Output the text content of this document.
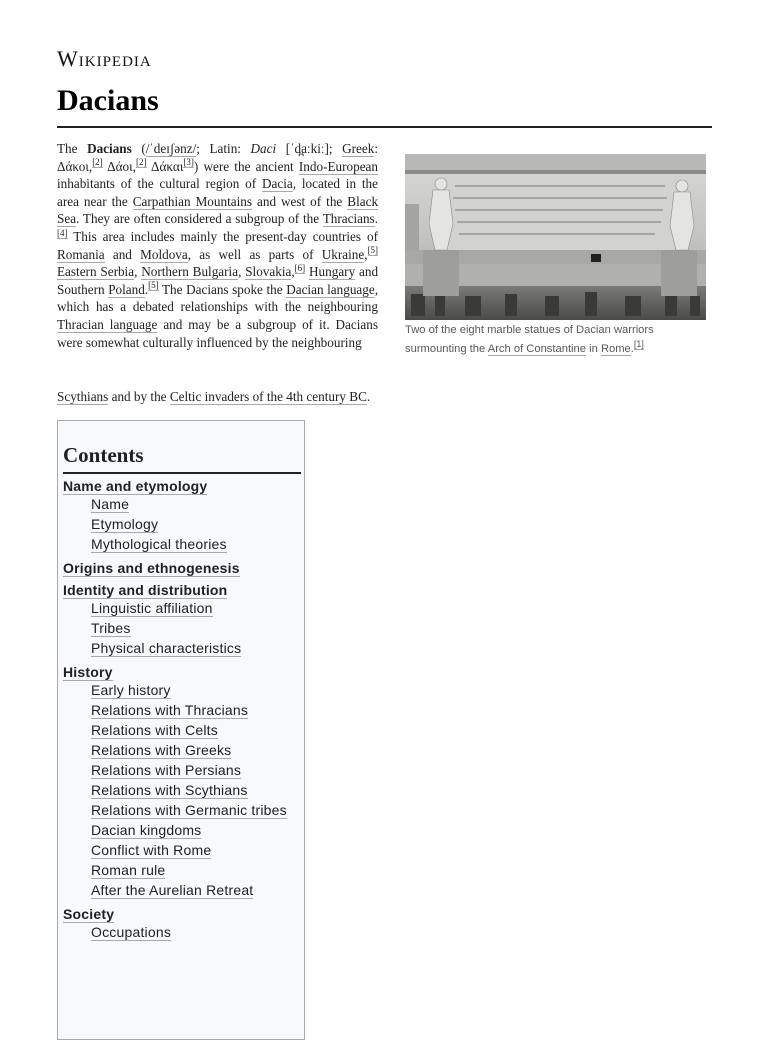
Wikipedia
Dacians
The Dacians (/ˈdeɪʃənz/; Latin: Daci [ˈd̪aːkiː]; Greek: Δάκοι,[2] Δάοι,[2] Δάκαι[3]) were the ancient Indo-European inhabitants of the cultural region of Dacia, located in the area near the Carpathian Mountains and west of the Black Sea. They are often considered a subgroup of the Thracians.[4] This area includes mainly the present-day countries of Romania and Moldova, as well as parts of Ukraine,[5] Eastern Serbia, Northern Bulgaria, Slovakia,[6] Hungary and Southern Poland.[5] The Dacians spoke the Dacian language, which has a debated relationships with the neighbouring Thracian language and may be a subgroup of it. Dacians were somewhat culturally influenced by the neighbouring
Scythians and by the Celtic invaders of the 4th century BC.
Two of the eight marble statues of Dacian warriors surmounting the Arch of Constantine in Rome.[1]
Contents
Name and etymology
Name
Etymology
Mythological theories
Origins and ethnogenesis
Identity and distribution
Linguistic affiliation
Tribes
Physical characteristics
History
Early history
Relations with Thracians
Relations with Celts
Relations with Greeks
Relations with Persians
Relations with Scythians
Relations with Germanic tribes
Dacian kingdoms
Conflict with Rome
Roman rule
After the Aurelian Retreat
Society
Occupations
